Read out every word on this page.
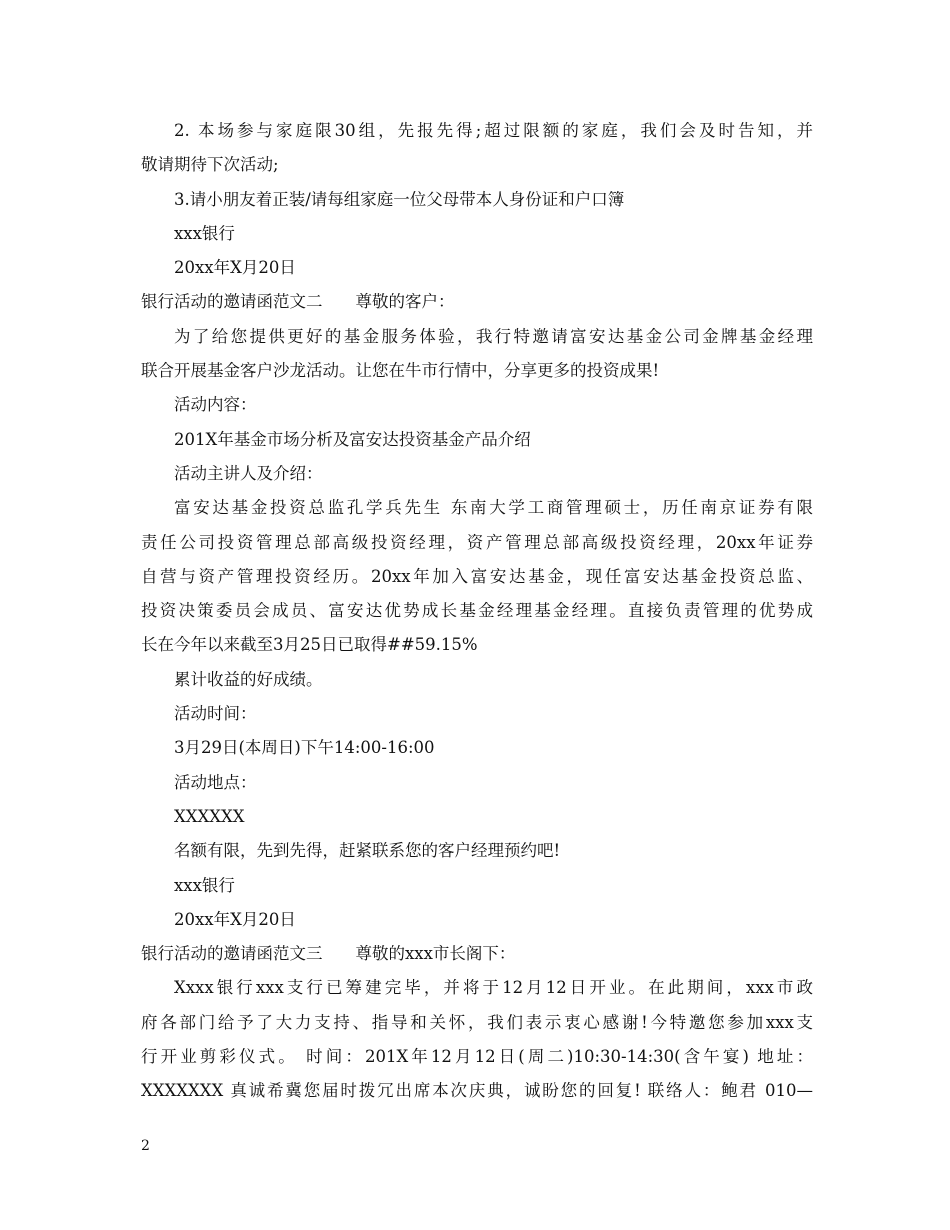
2. 本场参与家庭限30组，先报先得;超过限额的家庭，我们会及时告知，并
敬请期待下次活动;
3.请小朋友着正装/请每组家庭一位父母带本人身份证和户口簿
xxx银行
20xx年X月20日
银行活动的邀请函范文二　　尊敬的客户：
为了给您提供更好的基金服务体验，我行特邀请富安达基金公司金牌基金经理
联合开展基金客户沙龙活动。让您在牛市行情中，分享更多的投资成果!
活动内容：
201X年基金市场分析及富安达投资基金产品介绍
活动主讲人及介绍：
富安达基金投资总监孔学兵先生 东南大学工商管理硕士，历任南京证券有限
责任公司投资管理总部高级投资经理，资产管理总部高级投资经理，20xx年证券
自营与资产管理投资经历。20xx年加入富安达基金，现任富安达基金投资总监、
投资决策委员会成员、富安达优势成长基金经理基金经理。直接负责管理的优势成
长在今年以来截至3月25日已取得##59.15%
累计收益的好成绩。
活动时间：
3月29日(本周日)下午14:00-16:00
活动地点：
XXXXXX
名额有限，先到先得，赶紧联系您的客户经理预约吧!
xxx银行
20xx年X月20日
银行活动的邀请函范文三　　尊敬的xxx市长阁下：
Xxxx银行xxx支行已筹建完毕，并将于12月12日开业。在此期间，xxx市政
府各部门给予了大力支持、指导和关怀，我们表示衷心感谢!今特邀您参加xxx支
行开业剪彩仪式。 时间：201X年12月12日(周二)10:30-14:30(含午宴) 地址：
XXXXXXX 真诚希冀您届时拨冗出席本次庆典，诚盼您的回复! 联络人：鲍君 010—
2
